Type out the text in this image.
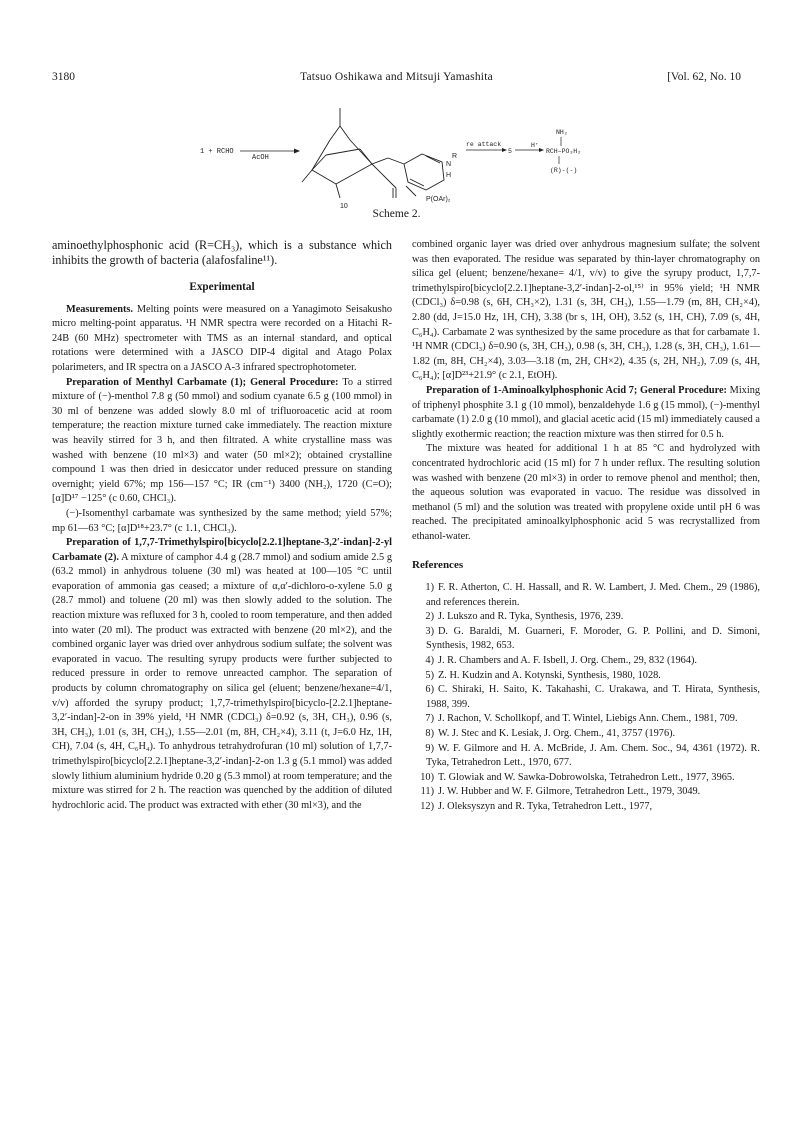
3180	Tatsuo Oshikawa and Mitsuji Yamashita	[Vol. 62, No. 10
1 + RCHO
AcOH
10
N
H
R
P(OAr)₂
re attack
5
H⁺
NH₂
RCH–PO₃H₂
(R)-(-)
Scheme 2.

aminoethylphosphonic acid (R=CH₃), which is a substance which inhibits the growth of bacteria (alafosfaline¹¹).

Experimental

Measurements. Melting points were measured on a Yanagimoto Seisakusho micro melting-point apparatus. ¹H NMR spectra were recorded on a Hitachi R-24B (60 MHz) spectrometer with TMS as an internal standard, and optical rotations were determined with a JASCO DIP-4 digital and Atago Polax polarimeters, and IR spectra on a JASCO A-3 infrared spectrophotometer.

Preparation of Menthyl Carbamate (1); General Procedure: To a stirred mixture of (−)-menthol 7.8 g (50 mmol) and sodium cyanate 6.5 g (100 mmol) in 30 ml of benzene was added slowly 8.0 ml of trifluoroacetic acid at room temperature; the reaction mixture turned cake immediately. The reaction mixture was heavily stirred for 3 h, and then filtrated. A white crystalline mass was washed with benzene (10 ml×3) and water (50 ml×2); obtained crystalline compound 1 was then dried in desiccator under reduced pressure on standing overnight; yield 67%; mp 156—157 °C; IR (cm⁻¹) 3400 (NH₂), 1720 (C=O); [α]D¹⁷ −125° (c 0.60, CHCl₃).

(−)-Isomenthyl carbamate was synthesized by the same method; yield 57%; mp 61—63 °C; [α]D¹⁸+23.7° (c 1.1, CHCl₃).

Preparation of 1,7,7-Trimethylspiro[bicyclo[2.2.1]heptane-3,2′-indan]-2-yl Carbamate (2). A mixture of camphor 4.4 g (28.7 mmol) and sodium amide 2.5 g (63.2 mmol) in anhydrous toluene (30 ml) was heated at 100—105 °C until evaporation of ammonia gas ceased; a mixture of α,α′-dichloro-o-xylene 5.0 g (28.7 mmol) and toluene (20 ml) was then slowly added to the solution. The reaction mixture was refluxed for 3 h, cooled to room temperature, and then added into water (20 ml). The product was extracted with benzene (20 ml×2), and the combined organic layer was dried over anhydrous sodium sulfate; the solvent was evaporated in vacuo. The resulting syrupy products were further subjected to reduced pressure in order to remove unreacted camphor. The separation of products by column chromatography on silica gel (eluent; benzene/hexane=4/1, v/v) afforded the syrupy product; 1,7,7-trimethylspiro[bicyclo-[2.2.1]heptane-3,2′-indan]-2-on in 39% yield, ¹H NMR (CDCl₃) δ=0.92 (s, 3H, CH₃), 0.96 (s, 3H, CH₃), 1.01 (s, 3H, CH₃), 1.55—2.01 (m, 8H, CH₂×4), 3.11 (t, J=6.0 Hz, 1H, CH), 7.04 (s, 4H, C₆H₄). To anhydrous tetrahydrofuran (10 ml) solution of 1,7,7-trimethylspiro[bicyclo[2.2.1]heptane-3,2′-indan]-2-on 1.3 g (5.1 mmol) was added slowly lithium aluminium hydride 0.20 g (5.3 mmol) at room temperature; and the mixture was stirred for 2 h. The reaction was quenched by the addition of diluted hydrochloric acid. The product was extracted with ether (30 ml×3), and the

combined organic layer was dried over anhydrous magnesium sulfate; the solvent was then evaporated. The residue was separated by thin-layer chromatography on silica gel (eluent; benzene/hexane= 4/1, v/v) to give the syrupy product, 1,7,7-trimethylspiro[bicyclo[2.2.1]heptane-3,2′-indan]-2-ol,¹⁵⁾ in 95% yield; ¹H NMR (CDCl₃) δ=0.98 (s, 6H, CH₃×2), 1.31 (s, 3H, CH₃), 1.55—1.79 (m, 8H, CH₂×4), 2.80 (dd, J=15.0 Hz, 1H, CH), 3.38 (br s, 1H, OH), 3.52 (s, 1H, CH), 7.09 (s, 4H, C₆H₄). Carbamate 2 was synthesized by the same procedure as that for carbamate 1. ¹H NMR (CDCl₃) δ=0.90 (s, 3H, CH₃), 0.98 (s, 3H, CH₃), 1.28 (s, 3H, CH₃), 1.61—1.82 (m, 8H, CH₂×4), 3.03—3.18 (m, 2H, CH×2), 4.35 (s, 2H, NH₂), 7.09 (s, 4H, C₆H₄); [α]D²³+21.9° (c 2.1, EtOH).

Preparation of 1-Aminoalkylphosphonic Acid 7; General Procedure: Mixing of triphenyl phosphite 3.1 g (10 mmol), benzaldehyde 1.6 g (15 mmol), (−)-menthyl carbamate (1) 2.0 g (10 mmol), and glacial acetic acid (15 ml) immediately caused a slightly exothermic reaction; the reaction mixture was then stirred for 0.5 h.

The mixture was heated for additional 1 h at 85 °C and hydrolyzed with concentrated hydrochloric acid (15 ml) for 7 h under reflux. The resulting solution was washed with benzene (20 ml×3) in order to remove phenol and menthol; then, the aqueous solution was evaporated in vacuo. The residue was dissolved in methanol (5 ml) and the solution was treated with propylene oxide until pH 6 was reached. The precipitated aminoalkylphosphonic acid 5 was recrystallized from ethanol-water.

References
1) F. R. Atherton, C. H. Hassall, and R. W. Lambert, J. Med. Chem., 29 (1986), and references therein.
2) J. Lukszo and R. Tyka, Synthesis, 1976, 239.
3) D. G. Baraldi, M. Guarneri, F. Moroder, G. P. Pollini, and D. Simoni, Synthesis, 1982, 653.
4) J. R. Chambers and A. F. Isbell, J. Org. Chem., 29, 832 (1964).
5) Z. H. Kudzin and A. Kotynski, Synthesis, 1980, 1028.
6) C. Shiraki, H. Saito, K. Takahashi, C. Urakawa, and T. Hirata, Synthesis, 1988, 399.
7) J. Rachon, V. Schollkopf, and T. Wintel, Liebigs Ann. Chem., 1981, 709.
8) W. J. Stec and K. Lesiak, J. Org. Chem., 41, 3757 (1976).
9) W. F. Gilmore and H. A. McBride, J. Am. Chem. Soc., 94, 4361 (1972). R. Tyka, Tetrahedron Lett., 1970, 677.
10) T. Glowiak and W. Sawka-Dobrowolska, Tetrahedron Lett., 1977, 3965.
11) J. W. Hubber and W. F. Gilmore, Tetrahedron Lett., 1979, 3049.
12) J. Oleksyszyn and R. Tyka, Tetrahedron Lett., 1977,
